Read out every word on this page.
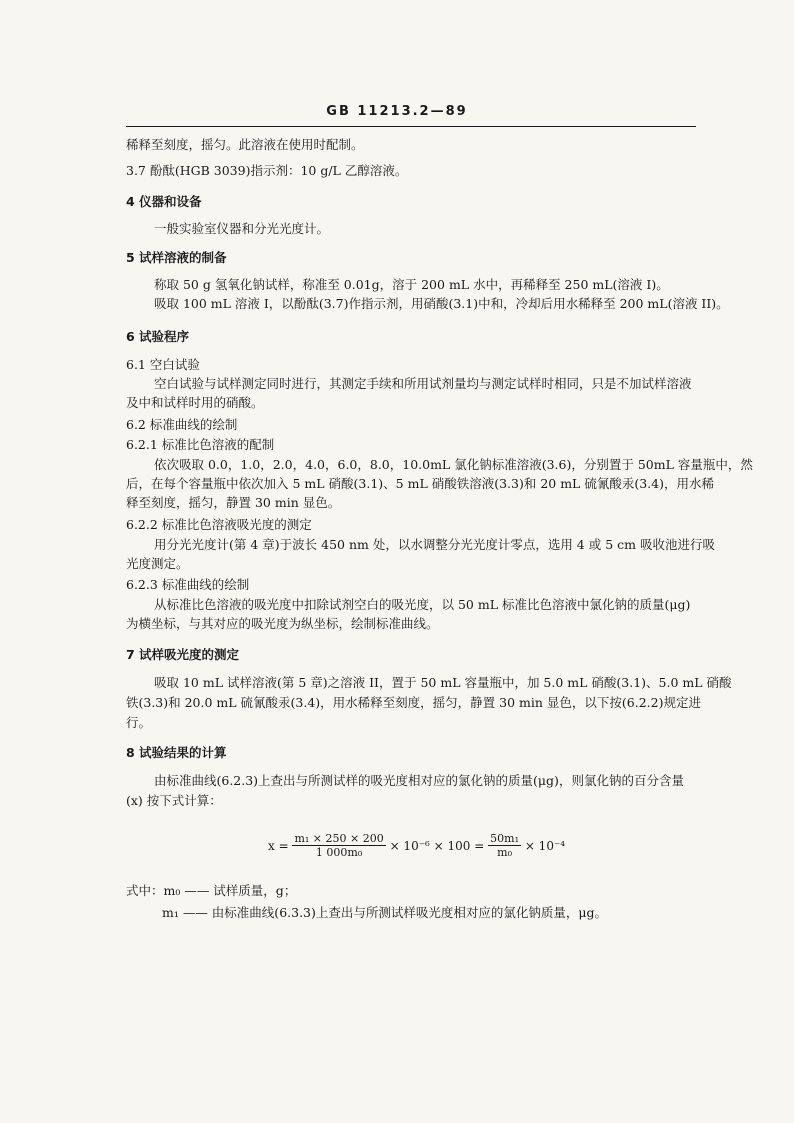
GB 11213.2—89
稀释至刻度，摇匀。此溶液在使用时配制。
3.7 酚酞(HGB 3039)指示剂：10 g/L 乙醇溶液。
4 仪器和设备
一般实验室仪器和分光光度计。
5 试样溶液的制备
称取 50 g 氢氧化钠试样，称准至 0.01g，溶于 200 mL 水中，再稀释至 250 mL(溶液 I)。
吸取 100 mL 溶液 I，以酚酞(3.7)作指示剂，用硝酸(3.1)中和，冷却后用水稀释至 200 mL(溶液 II)。
6 试验程序
6.1 空白试验
空白试验与试样测定同时进行，其测定手续和所用试剂量均与测定试样时相同，只是不加试样溶液
及中和试样时用的硝酸。
6.2 标准曲线的绘制
6.2.1 标准比色溶液的配制
依次吸取 0.0，1.0，2.0，4.0，6.0，8.0，10.0mL 氯化钠标准溶液(3.6)，分别置于 50mL 容量瓶中，然
后，在每个容量瓶中依次加入 5 mL 硝酸(3.1)、5 mL 硝酸铁溶液(3.3)和 20 mL 硫氰酸汞(3.4)，用水稀
释至刻度，摇匀，静置 30 min 显色。
6.2.2 标准比色溶液吸光度的测定
用分光光度计(第 4 章)于波长 450 nm 处，以水调整分光光度计零点，选用 4 或 5 cm 吸收池进行吸
光度测定。
6.2.3 标准曲线的绘制
从标准比色溶液的吸光度中扣除试剂空白的吸光度，以 50 mL 标准比色溶液中氯化钠的质量(μg)
为横坐标，与其对应的吸光度为纵坐标，绘制标准曲线。
7 试样吸光度的测定
吸取 10 mL 试样溶液(第 5 章)之溶液 II，置于 50 mL 容量瓶中，加 5.0 mL 硝酸(3.1)、5.0 mL 硝酸
铁(3.3)和 20.0 mL 硫氰酸汞(3.4)，用水稀释至刻度，摇匀，静置 30 min 显色，以下按(6.2.2)规定进
行。
8 试验结果的计算
由标准曲线(6.2.3)上查出与所测试样的吸光度相对应的氯化钠的质量(μg)，则氯化钠的百分含量
(x) 按下式计算：
$x = \frac{\text{m₁ × 250 × 200}}{\text{1 000m₀}} \times 10^{-6} \times 100 = \frac{\text{50m₁}}{\text{m₀}} \times 10^{-4}$
式中：m₀ —— 试样质量，g；
m₁ —— 由标准曲线(6.3.3)上查出与所测试样吸光度相对应的氯化钠质量，μg。
